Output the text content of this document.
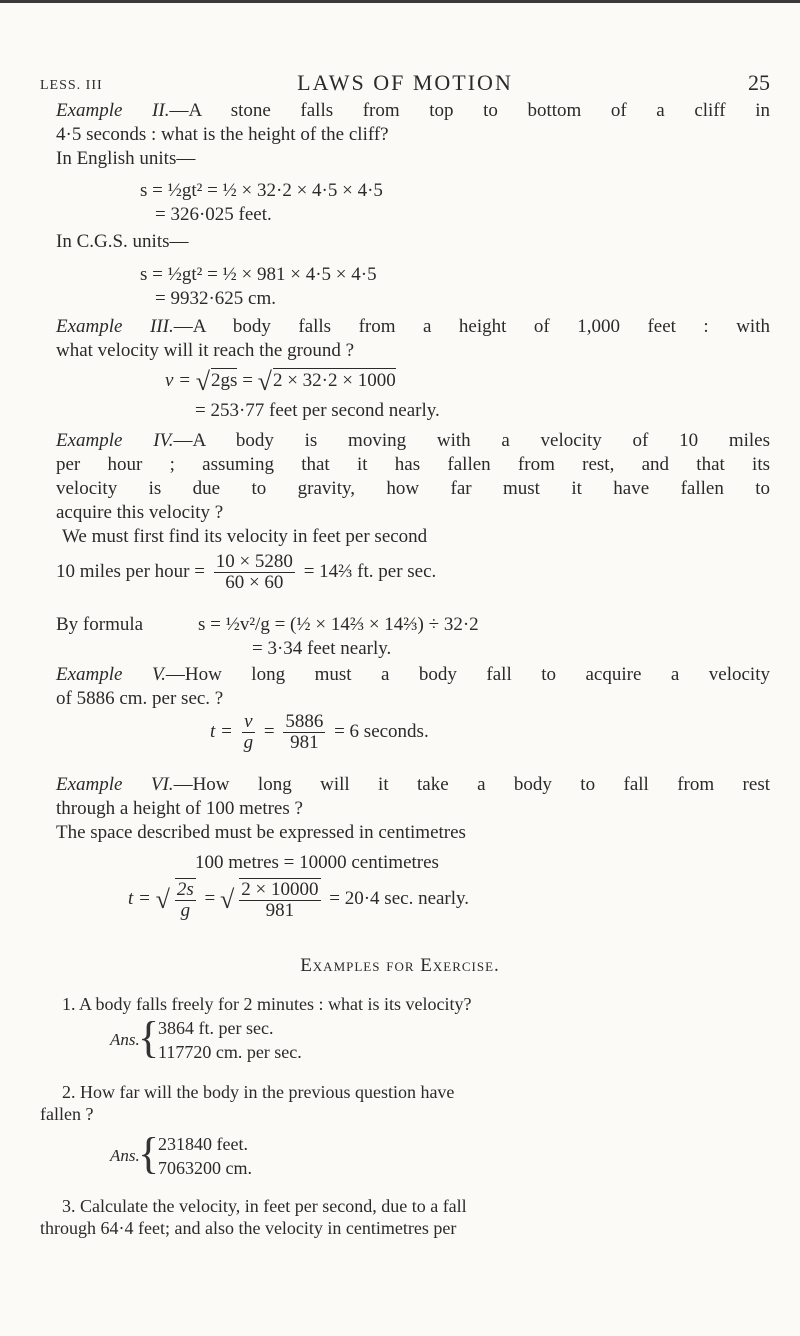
LESS. III	LAWS OF MOTION	25
Example II.—A stone falls from top to bottom of a cliff in
4·5 seconds : what is the height of the cliff?
In English units—
s = ½gt² = ½ × 32·2 × 4·5 × 4·5
= 326·025 feet.
In C.G.S. units—
s = ½gt² = ½ × 981 × 4·5 × 4·5
= 9932·625 cm.
Example III.—A body falls from a height of 1,000 feet : with
what velocity will it reach the ground ?
v = √2gs = √2 × 32·2 × 1000
= 253·77 feet per second nearly.
Example IV.—A body is moving with a velocity of 10 miles
per hour ; assuming that it has fallen from rest, and that its
velocity is due to gravity, how far must it have fallen to
acquire this velocity ?
We must first find its velocity in feet per second
10 miles per hour = $\frac{10 \times 5280}{60 \times 60}$ = 14⅔ ft. per sec.
By formula	s = ½v²/g = (½ × 14⅔ × 14⅔) ÷ 32·2
= 3·34 feet nearly.
Example V.—How long must a body fall to acquire a velocity
of 5886 cm. per sec. ?
$t = \frac{v}{g} = \frac{5886}{981} = 6$ seconds.
Example VI.—How long will it take a body to fall from rest
through a height of 100 metres ?
The space described must be expressed in centimetres
100 metres = 10000 centimetres
t = √ $\frac{2s}{g}$ = √ $\frac{2 \times 10000}{981} = 20\cdot 4$ sec. nearly.
Examples for Exercise.
1. A body falls freely for 2 minutes : what is its velocity?
Ans.
{
3864 ft. per sec.
117720 cm. per sec.
2. How far will the body in the previous question have
fallen ?
Ans.
{
231840 feet.
7063200 cm.
3. Calculate the velocity, in feet per second, due to a fall
through 64·4 feet; and also the velocity in centimetres per
